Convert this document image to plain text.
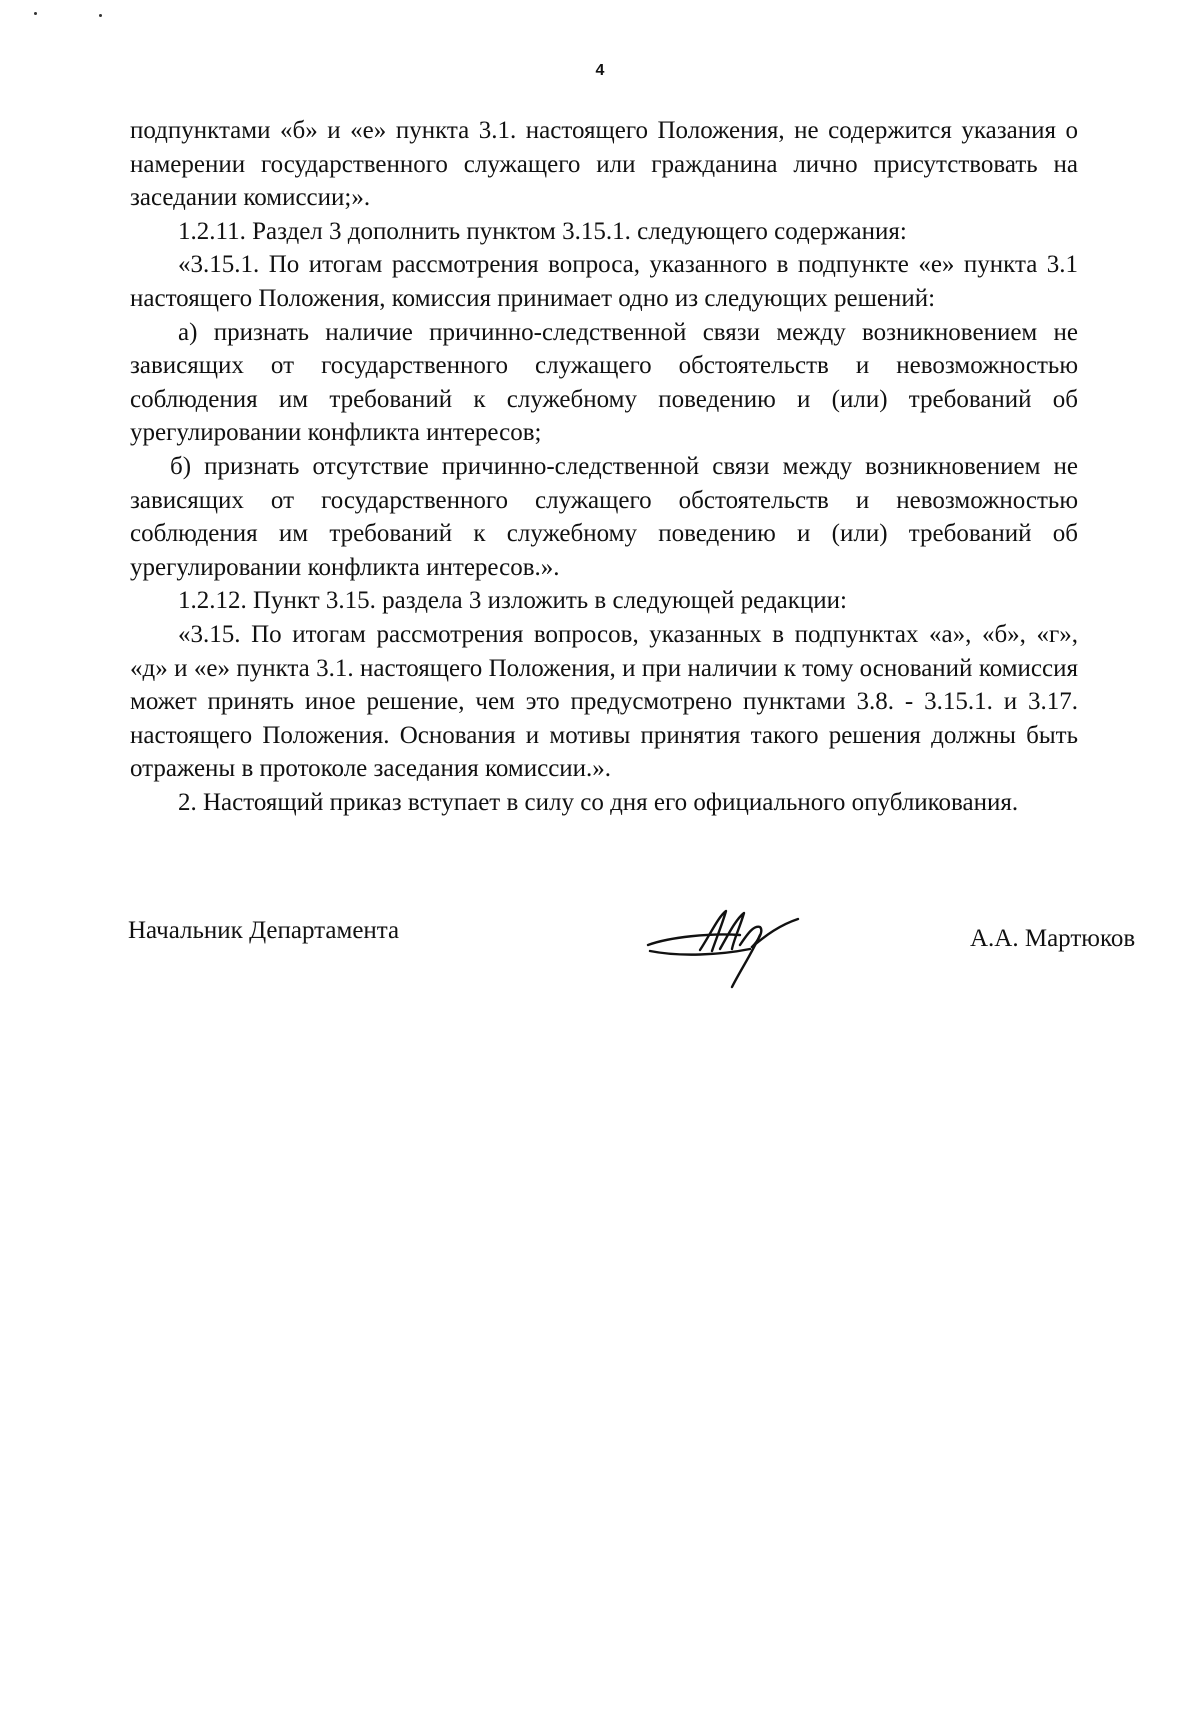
4

подпунктами «б» и «е» пункта 3.1. настоящего Положения, не содержится указания о намерении государственного служащего или гражданина лично присутствовать на заседании комиссии;».

1.2.11. Раздел 3 дополнить пунктом 3.15.1. следующего содержания:

«3.15.1. По итогам рассмотрения вопроса, указанного в подпункте «е» пункта 3.1 настоящего Положения, комиссия принимает одно из следующих решений:

а) признать наличие причинно-следственной связи между возникновением не зависящих от государственного служащего обстоятельств и невозможностью соблюдения им требований к служебному поведению и (или) требований об урегулировании конфликта интересов;

б) признать отсутствие причинно-следственной связи между возникновением не зависящих от государственного служащего обстоятельств и невозможностью соблюдения им требований к служебному поведению и (или) требований об урегулировании конфликта интересов.».

1.2.12. Пункт 3.15. раздела 3 изложить в следующей редакции:

«3.15. По итогам рассмотрения вопросов, указанных в подпунктах «а», «б», «г», «д» и «е» пункта 3.1. настоящего Положения, и при наличии к тому оснований комиссия может принять иное решение, чем это предусмотрено пунктами 3.8. - 3.15.1. и 3.17. настоящего Положения. Основания и мотивы принятия такого решения должны быть отражены в протоколе заседания комиссии.».

2. Настоящий приказ вступает в силу со дня его официального опубликования.

Начальник Департамента	А.А. Мартюков
